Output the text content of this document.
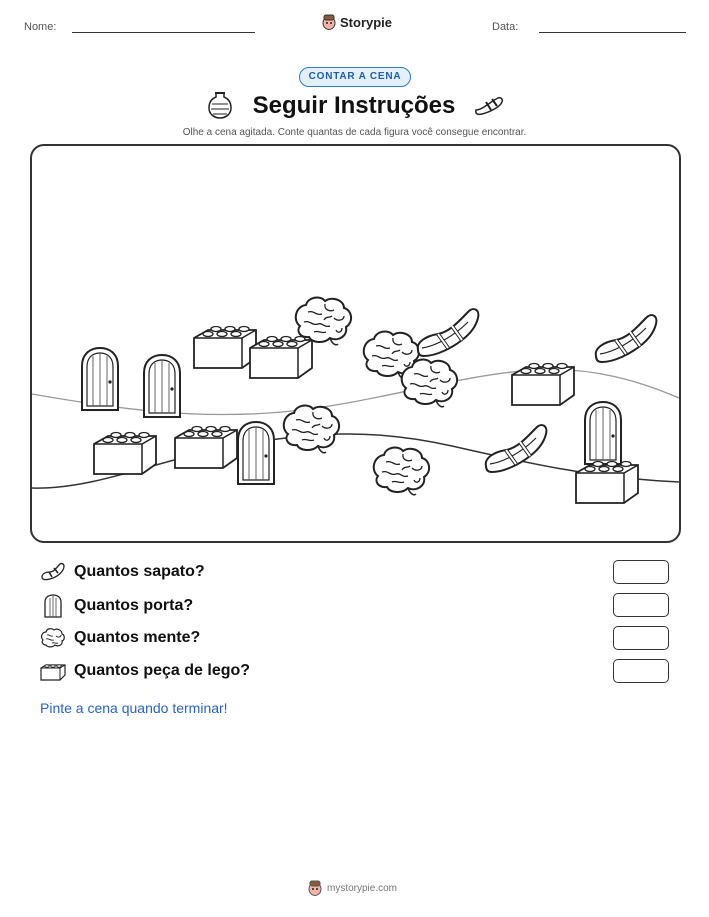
Nome:	Storypie	Data:
CONTAR A CENA
Seguir Instruções
Olhe a cena agitada. Conte quantas de cada figura você consegue encontrar.
Quantos sapato?
Quantos porta?
Quantos mente?
Quantos peça de lego?
Pinte a cena quando terminar!
mystorypie.com
